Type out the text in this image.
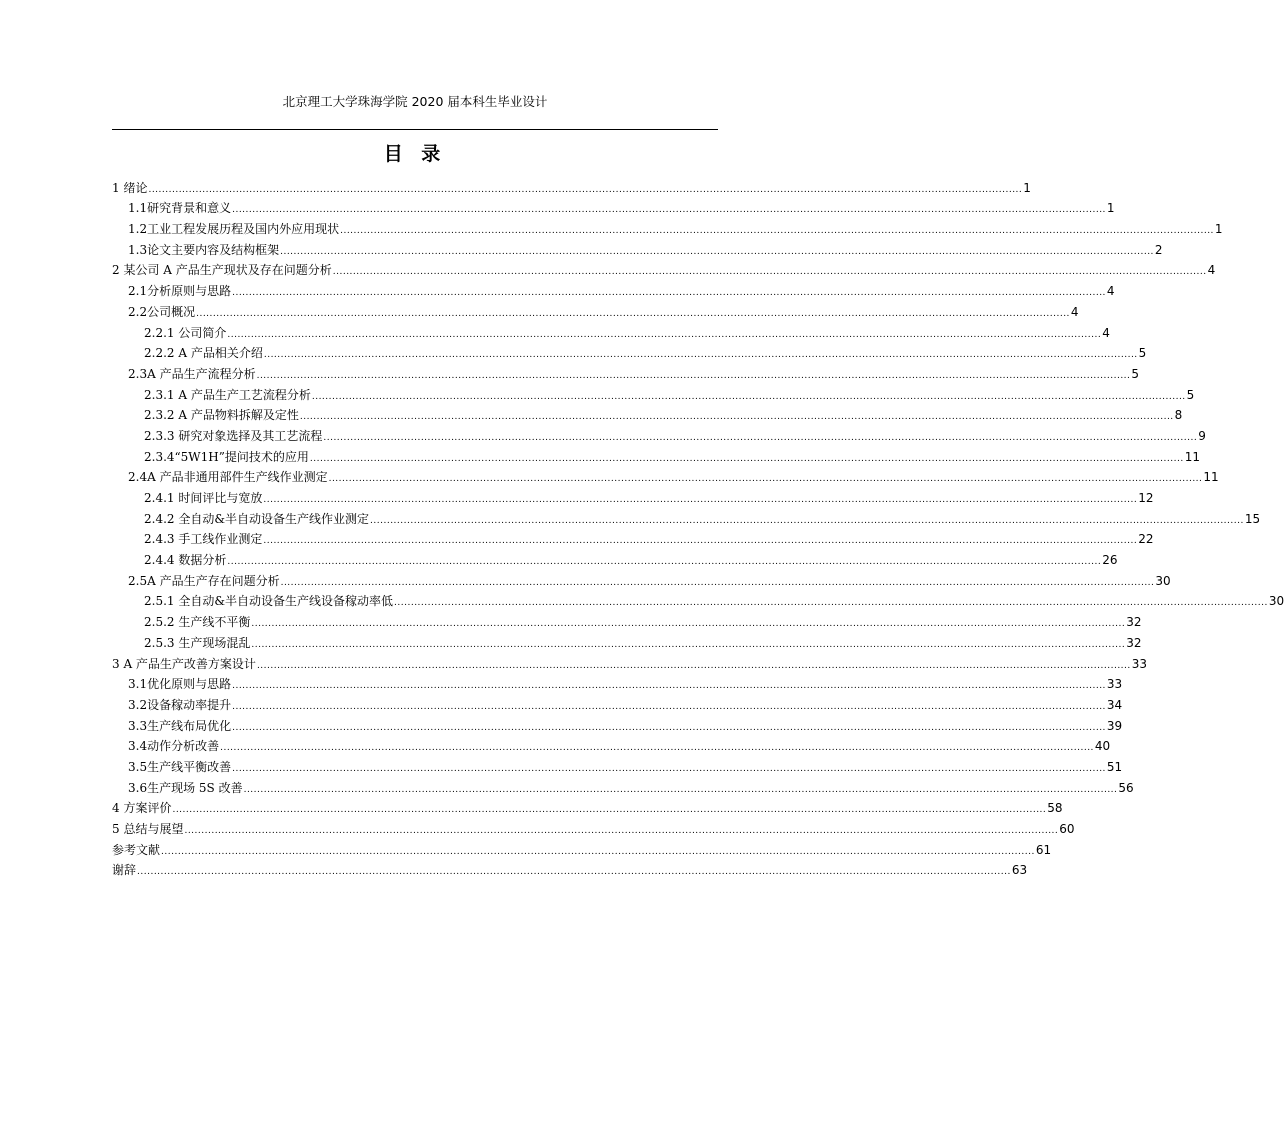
北京理工大学珠海学院 2020 届本科生毕业设计
目 录
1 绪论 .................................................................................................................................................................................................................................................................... 1
1.1研究背景和意义 .................................................................................................................................................................................................................................................................... 1
1.2工业工程发展历程及国内外应用现状 .................................................................................................................................................................................................................................................................... 1
1.3论文主要内容及结构框架 .................................................................................................................................................................................................................................................................... 2
2 某公司 A 产品生产现状及存在问题分析 .................................................................................................................................................................................................................................................................... 4
2.1分析原则与思路 .................................................................................................................................................................................................................................................................... 4
2.2公司概况 .................................................................................................................................................................................................................................................................... 4
2.2.1 公司简介 .................................................................................................................................................................................................................................................................... 4
2.2.2 A 产品相关介绍 .................................................................................................................................................................................................................................................................... 5
2.3A 产品生产流程分析 .................................................................................................................................................................................................................................................................... 5
2.3.1 A 产品生产工艺流程分析 .................................................................................................................................................................................................................................................................... 5
2.3.2 A 产品物料拆解及定性 .................................................................................................................................................................................................................................................................... 8
2.3.3 研究对象选择及其工艺流程 .................................................................................................................................................................................................................................................................... 9
2.3.4“5W1H”提问技术的应用 .................................................................................................................................................................................................................................................................... 11
2.4A 产品非通用部件生产线作业测定 .................................................................................................................................................................................................................................................................... 11
2.4.1 时间评比与宽放 .................................................................................................................................................................................................................................................................... 12
2.4.2 全自动&半自动设备生产线作业测定 .................................................................................................................................................................................................................................................................... 15
2.4.3 手工线作业测定 .................................................................................................................................................................................................................................................................... 22
2.4.4 数据分析 .................................................................................................................................................................................................................................................................... 26
2.5A 产品生产存在问题分析 .................................................................................................................................................................................................................................................................... 30
2.5.1 全自动&半自动设备生产线设备稼动率低 .................................................................................................................................................................................................................................................................... 30
2.5.2 生产线不平衡 .................................................................................................................................................................................................................................................................... 32
2.5.3 生产现场混乱 .................................................................................................................................................................................................................................................................... 32
3 A 产品生产改善方案设计 .................................................................................................................................................................................................................................................................... 33
3.1优化原则与思路 .................................................................................................................................................................................................................................................................... 33
3.2设备稼动率提升 .................................................................................................................................................................................................................................................................... 34
3.3生产线布局优化 .................................................................................................................................................................................................................................................................... 39
3.4动作分析改善 .................................................................................................................................................................................................................................................................... 40
3.5生产线平衡改善 .................................................................................................................................................................................................................................................................... 51
3.6生产现场 5S 改善 .................................................................................................................................................................................................................................................................... 56
4 方案评价 .................................................................................................................................................................................................................................................................... 58
5 总结与展望 .................................................................................................................................................................................................................................................................... 60
参考文献 .................................................................................................................................................................................................................................................................... 61
谢辞 .................................................................................................................................................................................................................................................................... 63
